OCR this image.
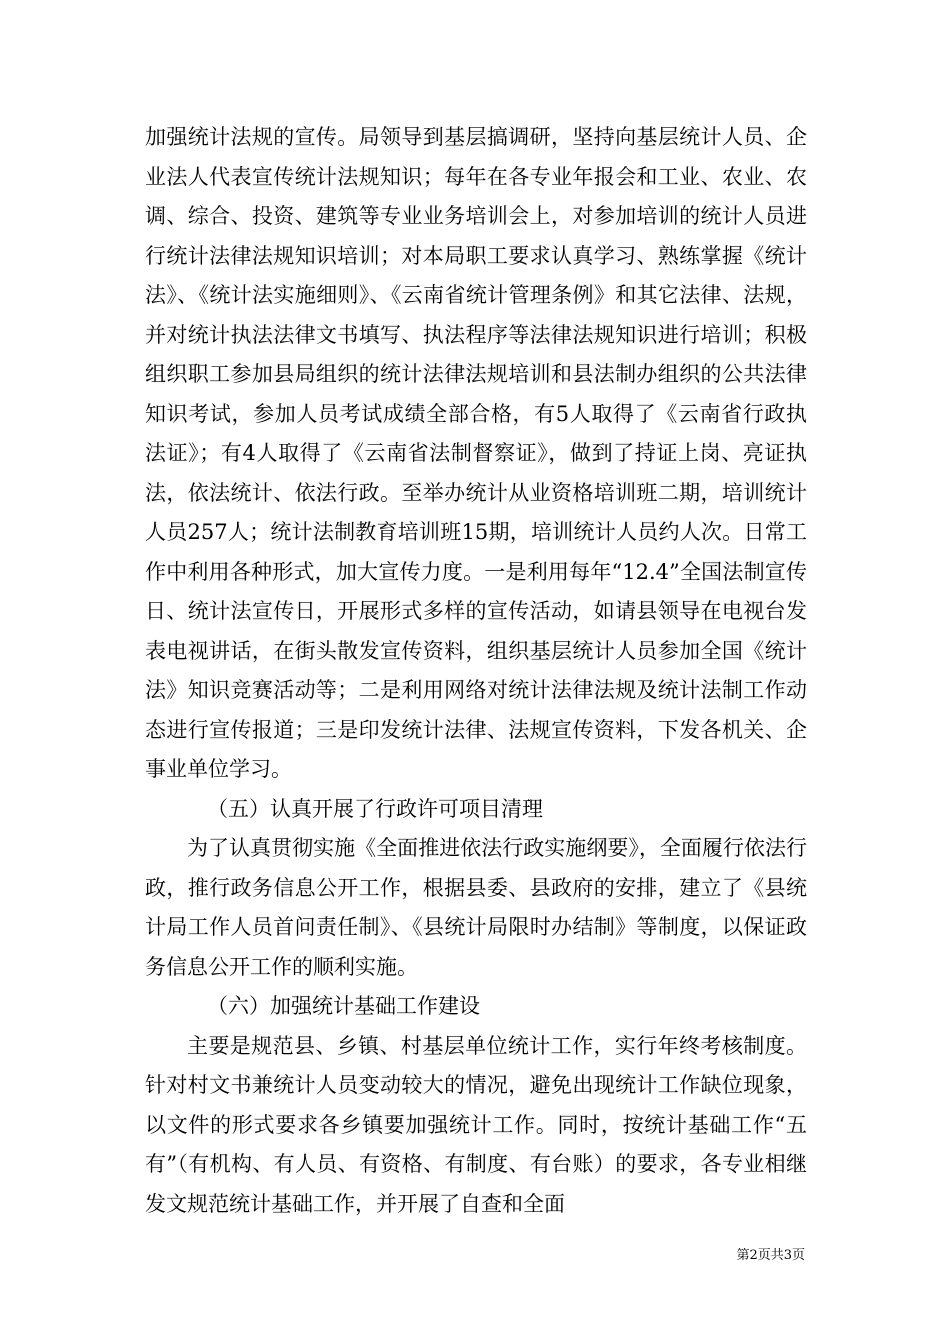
加强统计法规的宣传。局领导到基层搞调研，坚持向基层统计人员、企业法人代表宣传统计法规知识；每年在各专业年报会和工业、农业、农调、综合、投资、建筑等专业业务培训会上，对参加培训的统计人员进行统计法律法规知识培训；对本局职工要求认真学习、熟练掌握《统计法》、《统计法实施细则》、《云南省统计管理条例》和其它法律、法规，并对统计执法法律文书填写、执法程序等法律法规知识进行培训；积极组织职工参加县局组织的统计法律法规培训和县法制办组织的公共法律知识考试，参加人员考试成绩全部合格，有5人取得了《云南省行政执法证》；有4人取得了《云南省法制督察证》，做到了持证上岗、亮证执法，依法统计、依法行政。至举办统计从业资格培训班二期，培训统计人员257人；统计法制教育培训班15期，培训统计人员约人次。日常工作中利用各种形式，加大宣传力度。一是利用每年“12.4”全国法制宣传日、统计法宣传日，开展形式多样的宣传活动，如请县领导在电视台发表电视讲话，在街头散发宣传资料，组织基层统计人员参加全国《统计法》知识竞赛活动等；二是利用网络对统计法律法规及统计法制工作动态进行宣传报道；三是印发统计法律、法规宣传资料，下发各机关、企事业单位学习。

（五）认真开展了行政许可项目清理

为了认真贯彻实施《全面推进依法行政实施纲要》，全面履行依法行政，推行政务信息公开工作，根据县委、县政府的安排，建立了《县统计局工作人员首问责任制》、《县统计局限时办结制》等制度，以保证政务信息公开工作的顺利实施。

（六）加强统计基础工作建设

主要是规范县、乡镇、村基层单位统计工作，实行年终考核制度。针对村文书兼统计人员变动较大的情况，避免出现统计工作缺位现象，以文件的形式要求各乡镇要加强统计工作。同时，按统计基础工作“五有”（有机构、有人员、有资格、有制度、有台账）的要求，各专业相继发文规范统计基础工作，并开展了自查和全面

第2页共3页
